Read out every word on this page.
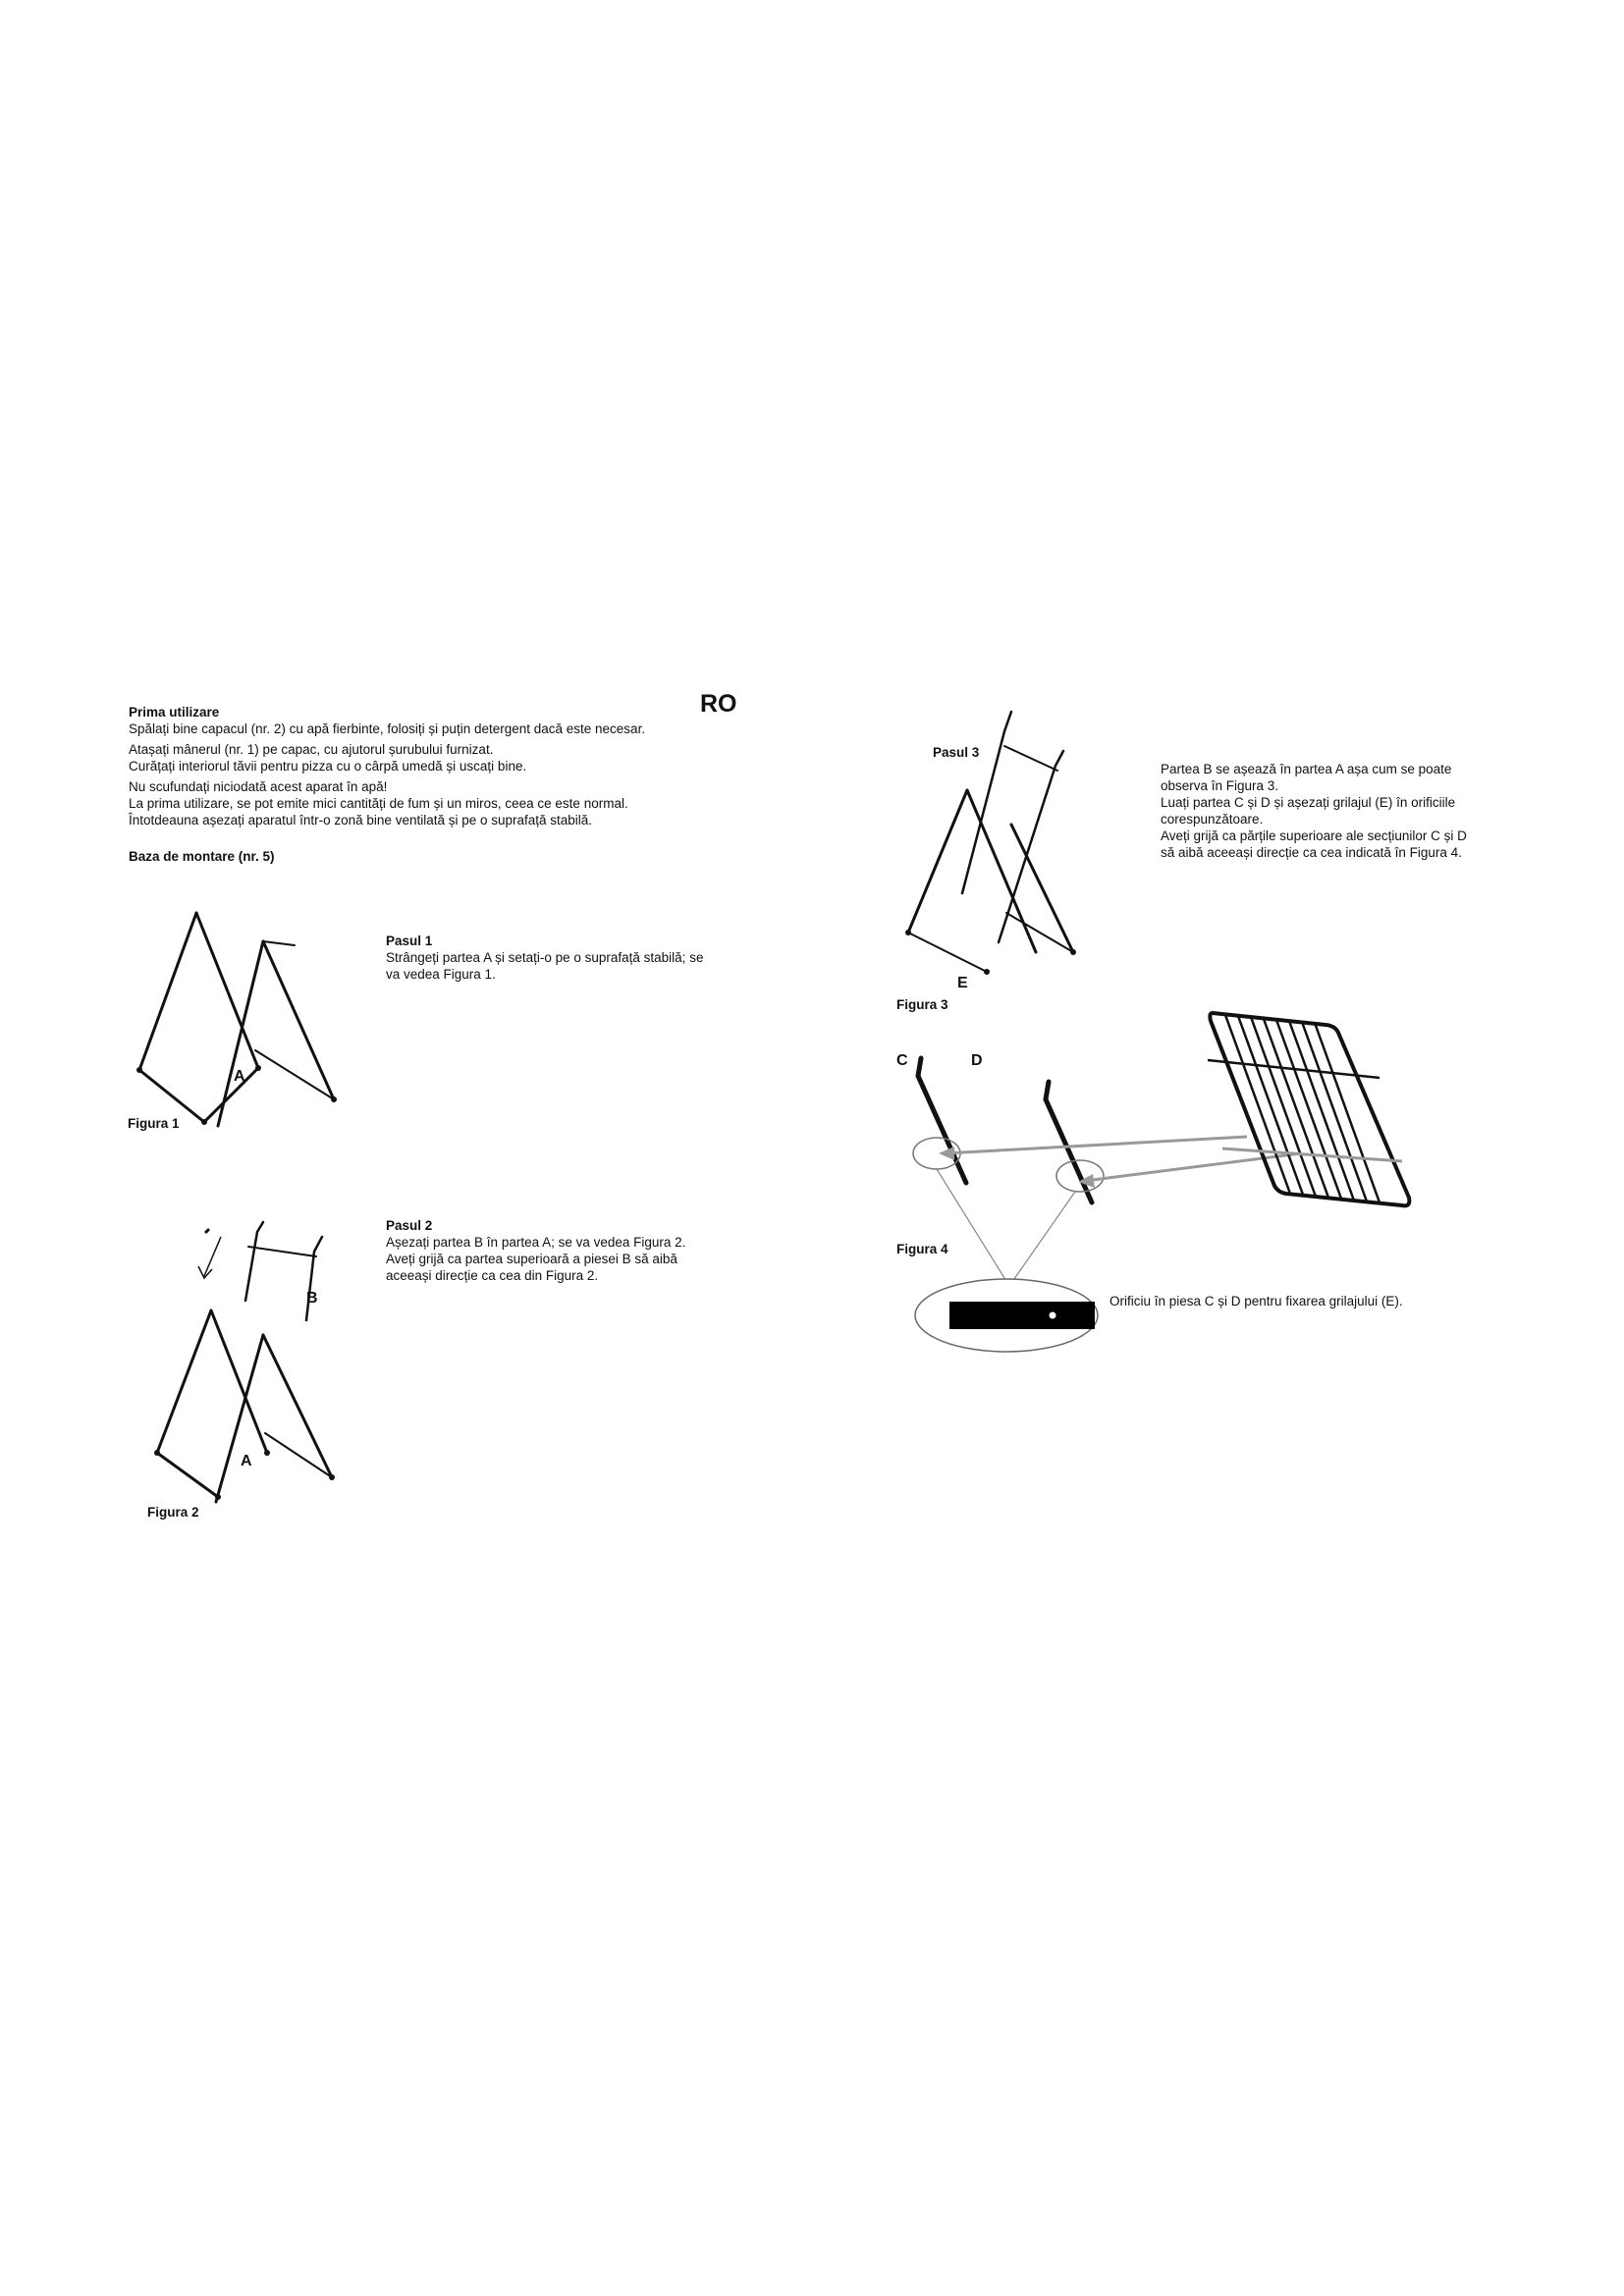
RO
Prima utilizare
Spălați bine capacul (nr. 2) cu apă fierbinte, folosiți și puțin detergent dacă este necesar.
Atașați mânerul (nr. 1) pe capac, cu ajutorul șurubului furnizat.
Curățați interiorul tăvii pentru pizza cu o cârpă umedă și uscați bine.
Nu scufundați niciodată acest aparat în apă!
La prima utilizare, se pot emite mici cantități de fum și un miros, ceea ce este normal.
Întotdeauna așezați aparatul într-o zonă bine ventilată și pe o suprafață stabilă.
Baza de montare (nr. 5)
Pasul 1
Strângeți partea A și setați-o pe o suprafață stabilă; se
va vedea Figura 1.
Pasul 2
Așezați partea B în partea A; se va vedea Figura 2.
Aveți grijă ca partea superioară a piesei B să aibă
aceeași direcție ca cea din Figura 2.
Partea B se așează în partea A așa cum se poate
observa în Figura 3.
Luați partea C și D și așezați grilajul (E) în orificiile
corespunzătoare.
Aveți grijă ca părțile superioare ale secțiunilor C și D
să aibă aceeași direcție ca cea indicată în Figura 4.
Pasul 3
A
Figura 1
B
A
Figura 2
E
Figura 3
C	D
Figura 4
Orificiu în piesa C și D pentru fixarea grilajului (E).
